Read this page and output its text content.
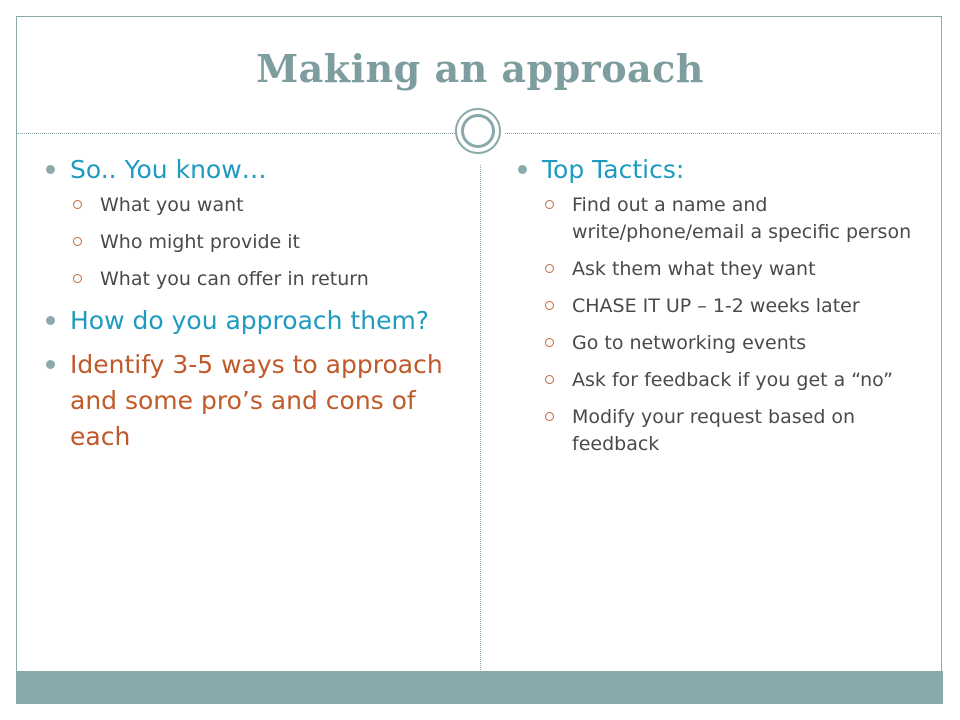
Making an approach
So.. You know…
What you want
Who might provide it
What you can offer in return
How do you approach them?
Identify 3-5 ways to approach and some pro’s and cons of each
Top Tactics:
Find out a name and write/phone/email a specific person
Ask them what they want
CHASE IT UP – 1-2 weeks later
Go to networking events
Ask for feedback if you get a “no”
Modify your request based on feedback
